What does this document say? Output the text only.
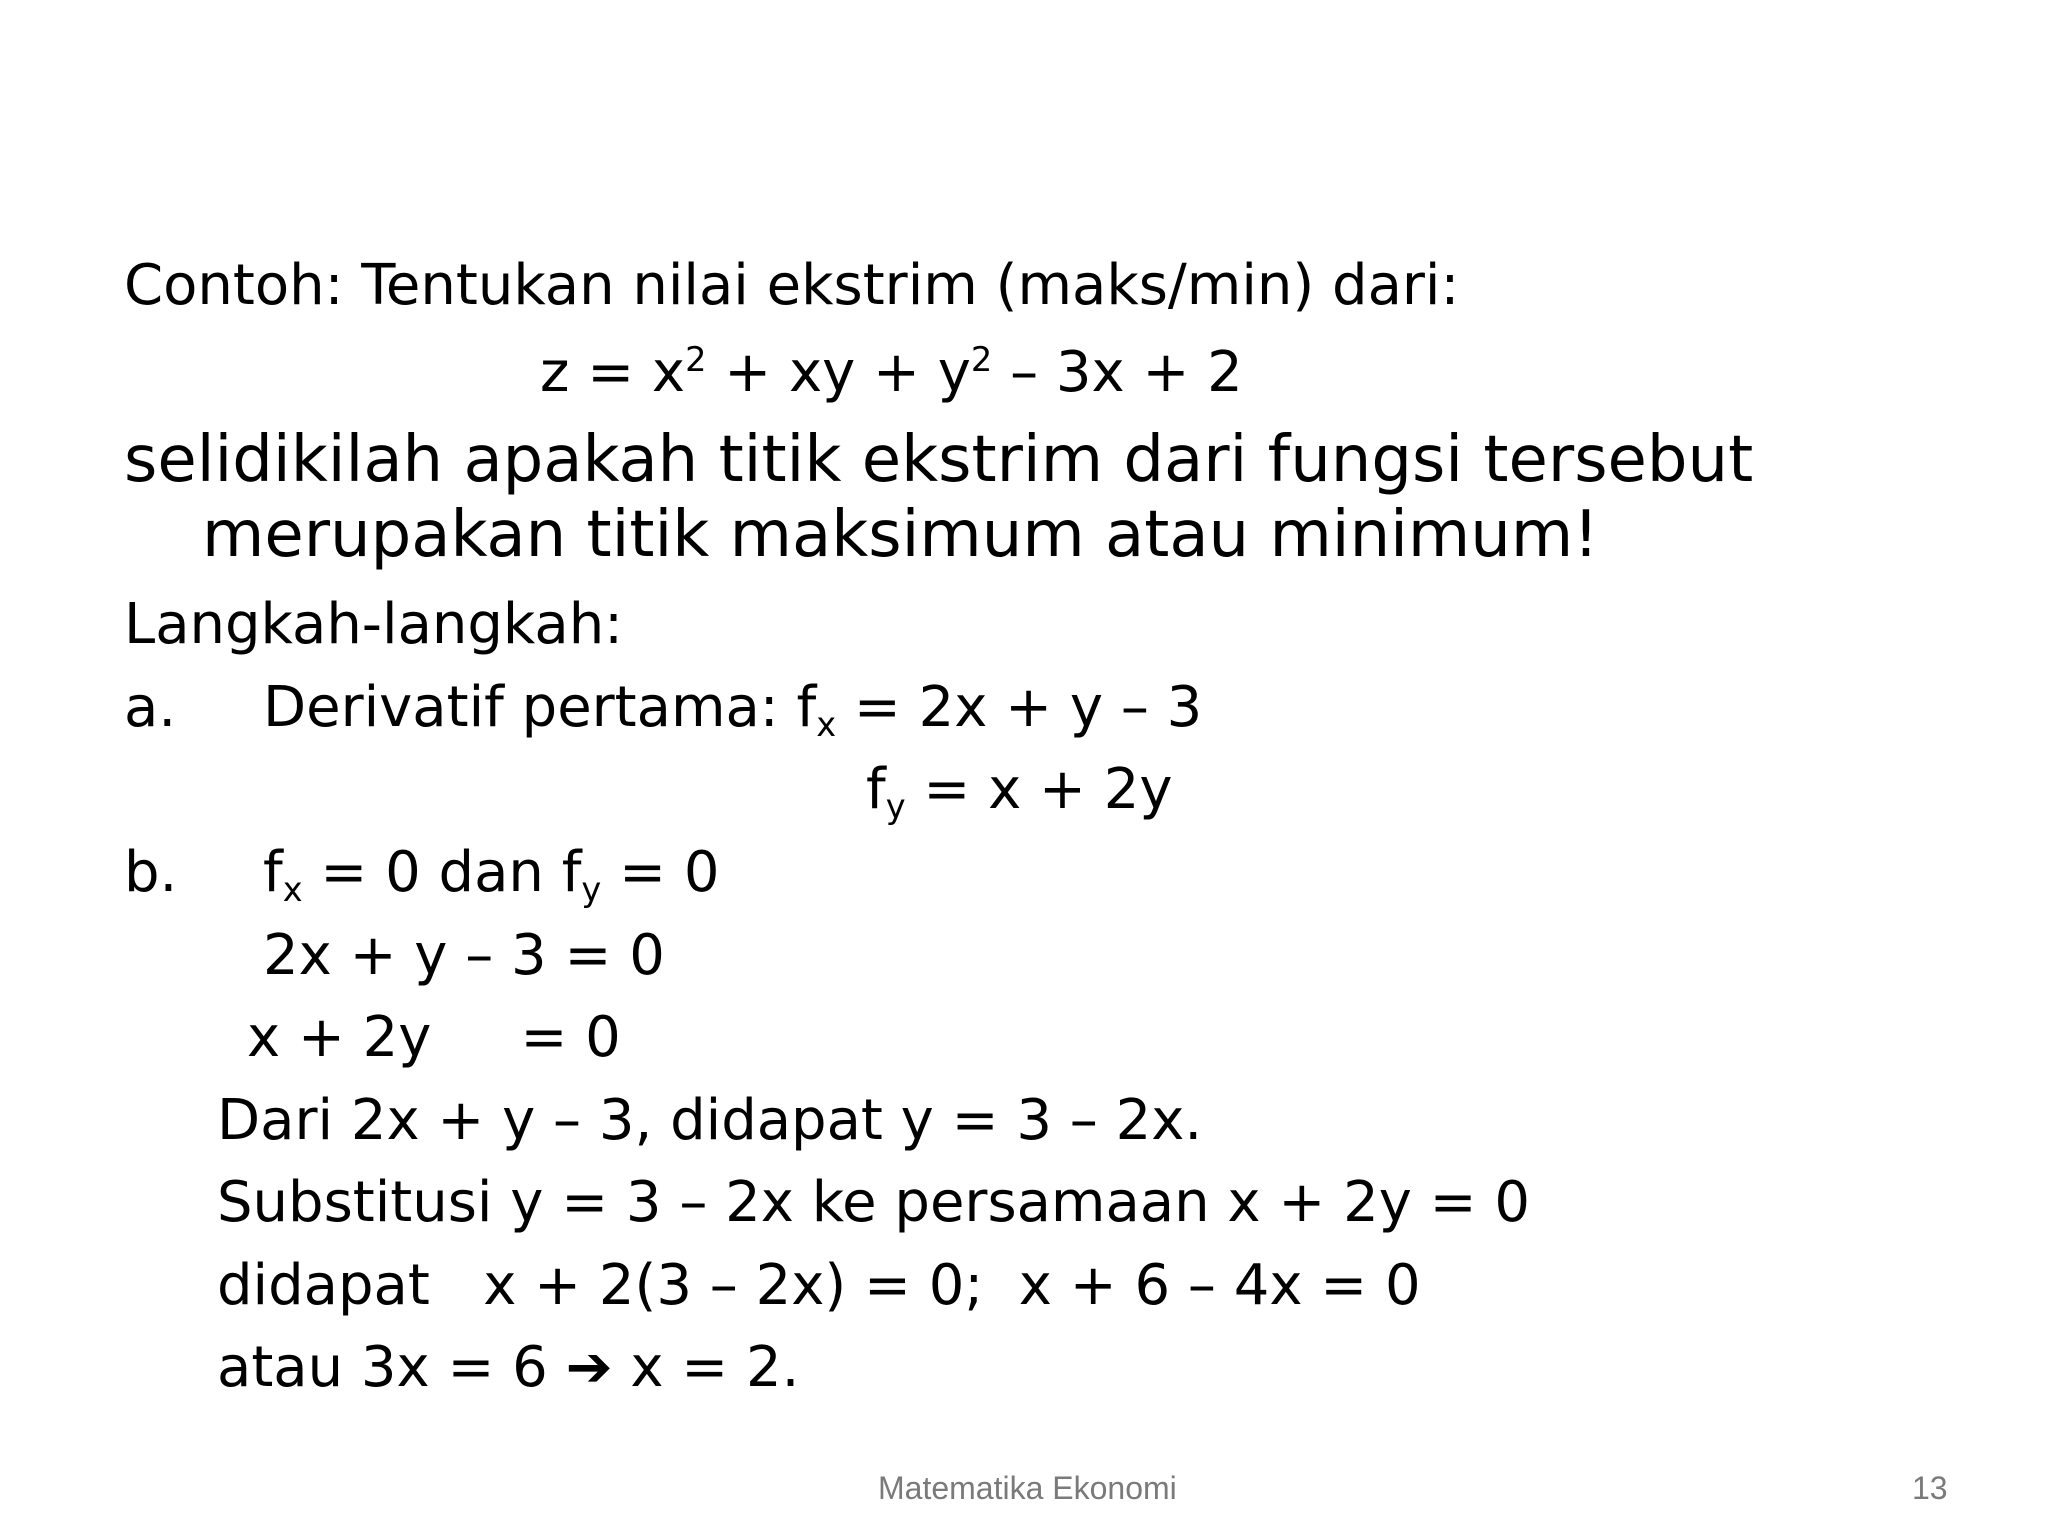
Contoh: Tentukan nilai ekstrim (maks/min) dari:
$z = x^2$ + xy + $y^2 - 3x + 2$
selidikilah apakah titik ekstrim dari fungsi tersebut
merupakan titik maksimum atau minimum!
Langkah-langkah:
a. Derivatif pertama: $f_x = 2x + y - 3$
$f_y = x + 2y$
b. $f_x = 0$ dan $f_y = 0$
2x + y – 3 = 0
x + 2y     = 0
Dari 2x + y – 3, didapat y = 3 – 2x.
Substitusi y = 3 – 2x ke persamaan x + 2y = 0
didapat   x + 2(3 – 2x) = 0;  x + 6 – 4x = 0
atau 3x = 6 ➔ x = 2.
Matematika Ekonomi	13
